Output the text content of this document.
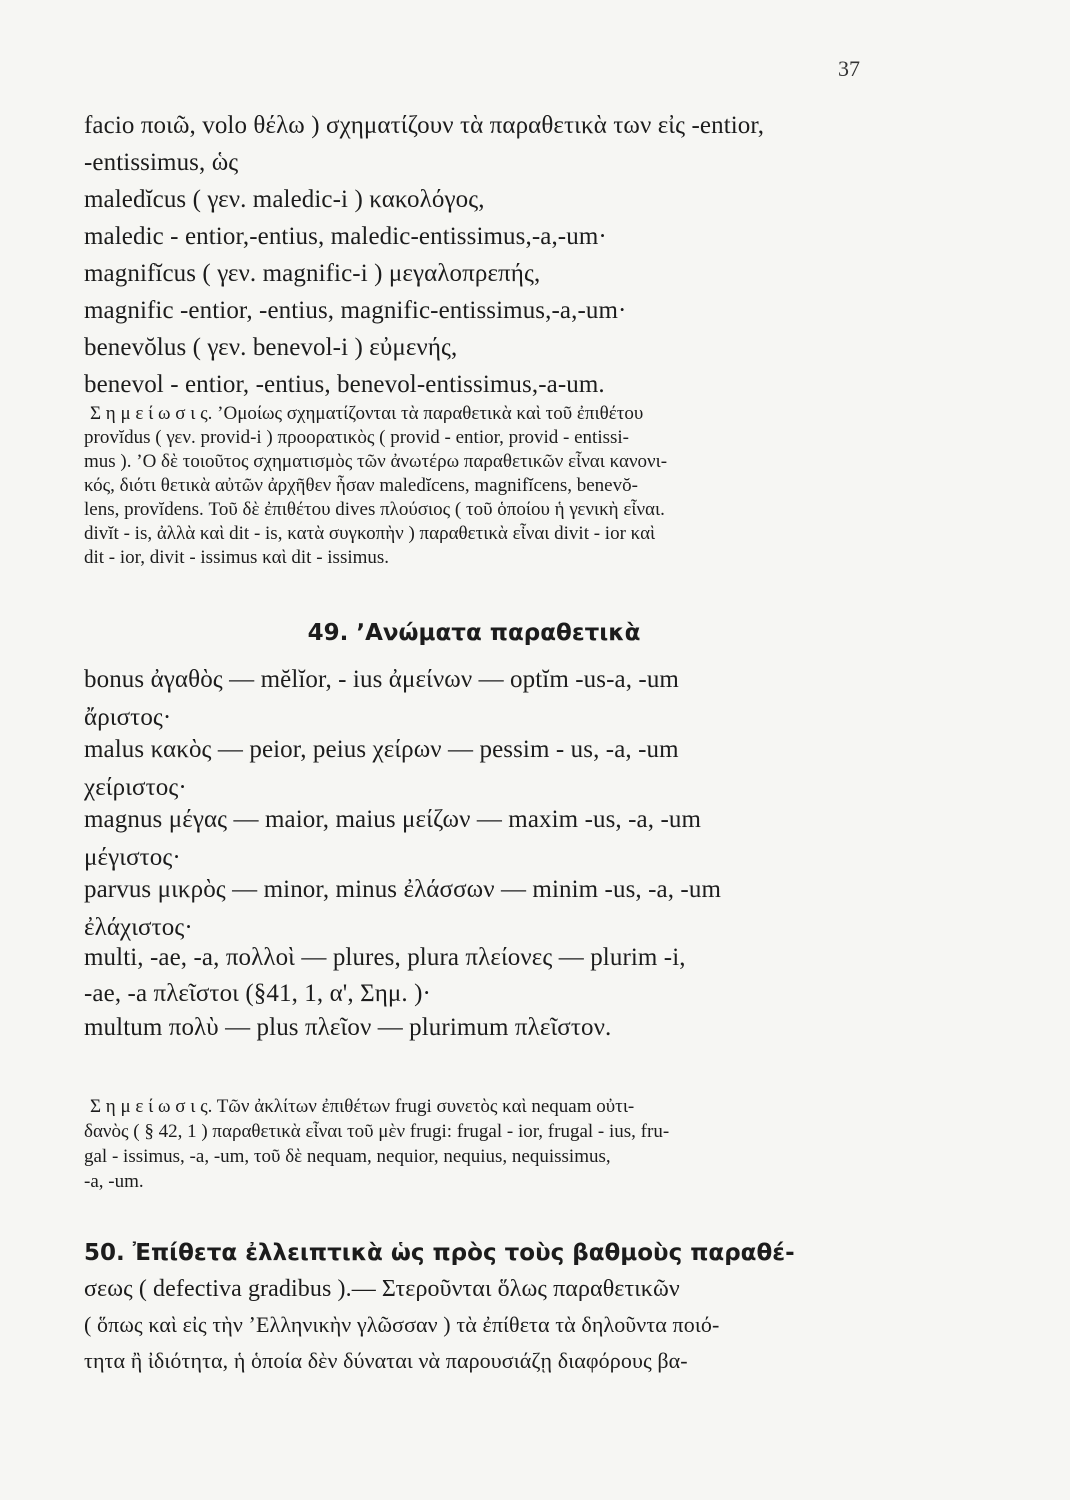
37
facio ποιῶ, volo θέλω ) σχηματίζουν τὰ παραθετικὰ των εἰς -entior,
-entissimus, ὡς
maledĭcus ( γεν. maledic-i ) κακολόγος,
maledic - entior,-entius, maledic-entissimus,-a,-um·
magnifĭcus ( γεν. magnific-i ) μεγαλοπρεπής,
magnific -entior, -entius, magnific-entissimus,-a,-um·
benevŏlus ( γεν. benevol-i ) εὐμενής,
benevol - entior, -entius, benevol-entissimus,-a-um.
Σ η μ ε ί ω σ ι ς. ʼΟμοίως σχηματίζονται τὰ παραθετικὰ καὶ τοῦ ἐπιθέτου
provĭdus ( γεν. provid-i ) προορατικὸς ( provid - entior, provid - entissi-
mus ). ʼΟ δὲ τοιοῦτος σχηματισμὸς τῶν ἀνωτέρω παραθετικῶν εἶναι κανονι-
κός, διότι θετικὰ αὐτῶν ἀρχῆθεν ἦσαν maledĭcens, magnifĭcens, benevŏ-
lens, provĭdens. Τοῦ δὲ ἐπιθέτου dives πλούσιος ( τοῦ ὁποίου ἡ γενικὴ εἶναι.
divĭt - is, ἀλλὰ καὶ dit - is, κατὰ συγκοπὴν ) παραθετικὰ εἶναι divit - ior καὶ
dit - ior, divit - issimus καὶ dit - issimus.
49. ʼΑνώματα παραθετικὰ
bonus ἀγαθὸς — mĕlĭor, - ius ἀμείνων — optĭm -us-a, -um
ἄριστος·
malus κακὸς — peior, peius χείρων — pessim - us, -a, -um
χείριστος·
magnus μέγας — maior, maius μείζων — maxim -us, -a, -um
μέγιστος·
parvus μικρὸς — minor, minus ἐλάσσων — minim -us, -a, -um
ἐλάχιστος·
multi, -ae, -a, πολλοὶ — plures, plura πλείονες — plurim -i,
-ae, -a πλεῖστοι (§41, 1, α', Σημ. )·
multum πολὺ — plus πλεῖον — plurimum πλεῖστον.
Σ η μ ε ί ω σ ι ς. Τῶν ἀκλίτων ἐπιθέτων frugi συνετὸς καὶ nequam οὐτι-
δανὸς ( § 42, 1 ) παραθετικὰ εἶναι τοῦ μὲν frugi: frugal - ior, frugal - ius, fru-
gal - issimus, -a, -um, τοῦ δὲ nequam, nequior, nequius, nequissimus,
-a, -um.
50. Ἐπίθετα ἐλλειπτικὰ ὡς πρὸς τοὺς βαθμοὺς παραθέ-
σεως ( defectiva gradibus ).— Στεροῦνται ὅλως παραθετικῶν
( ὅπως καὶ εἰς τὴν ʼΕλληνικὴν γλῶσσαν ) τὰ ἐπίθετα τὰ δηλοῦντα ποιό-
τητα ἢ ἰδιότητα, ἡ ὁποία δὲν δύναται νὰ παρουσιάζῃ διαφόρους βα-
